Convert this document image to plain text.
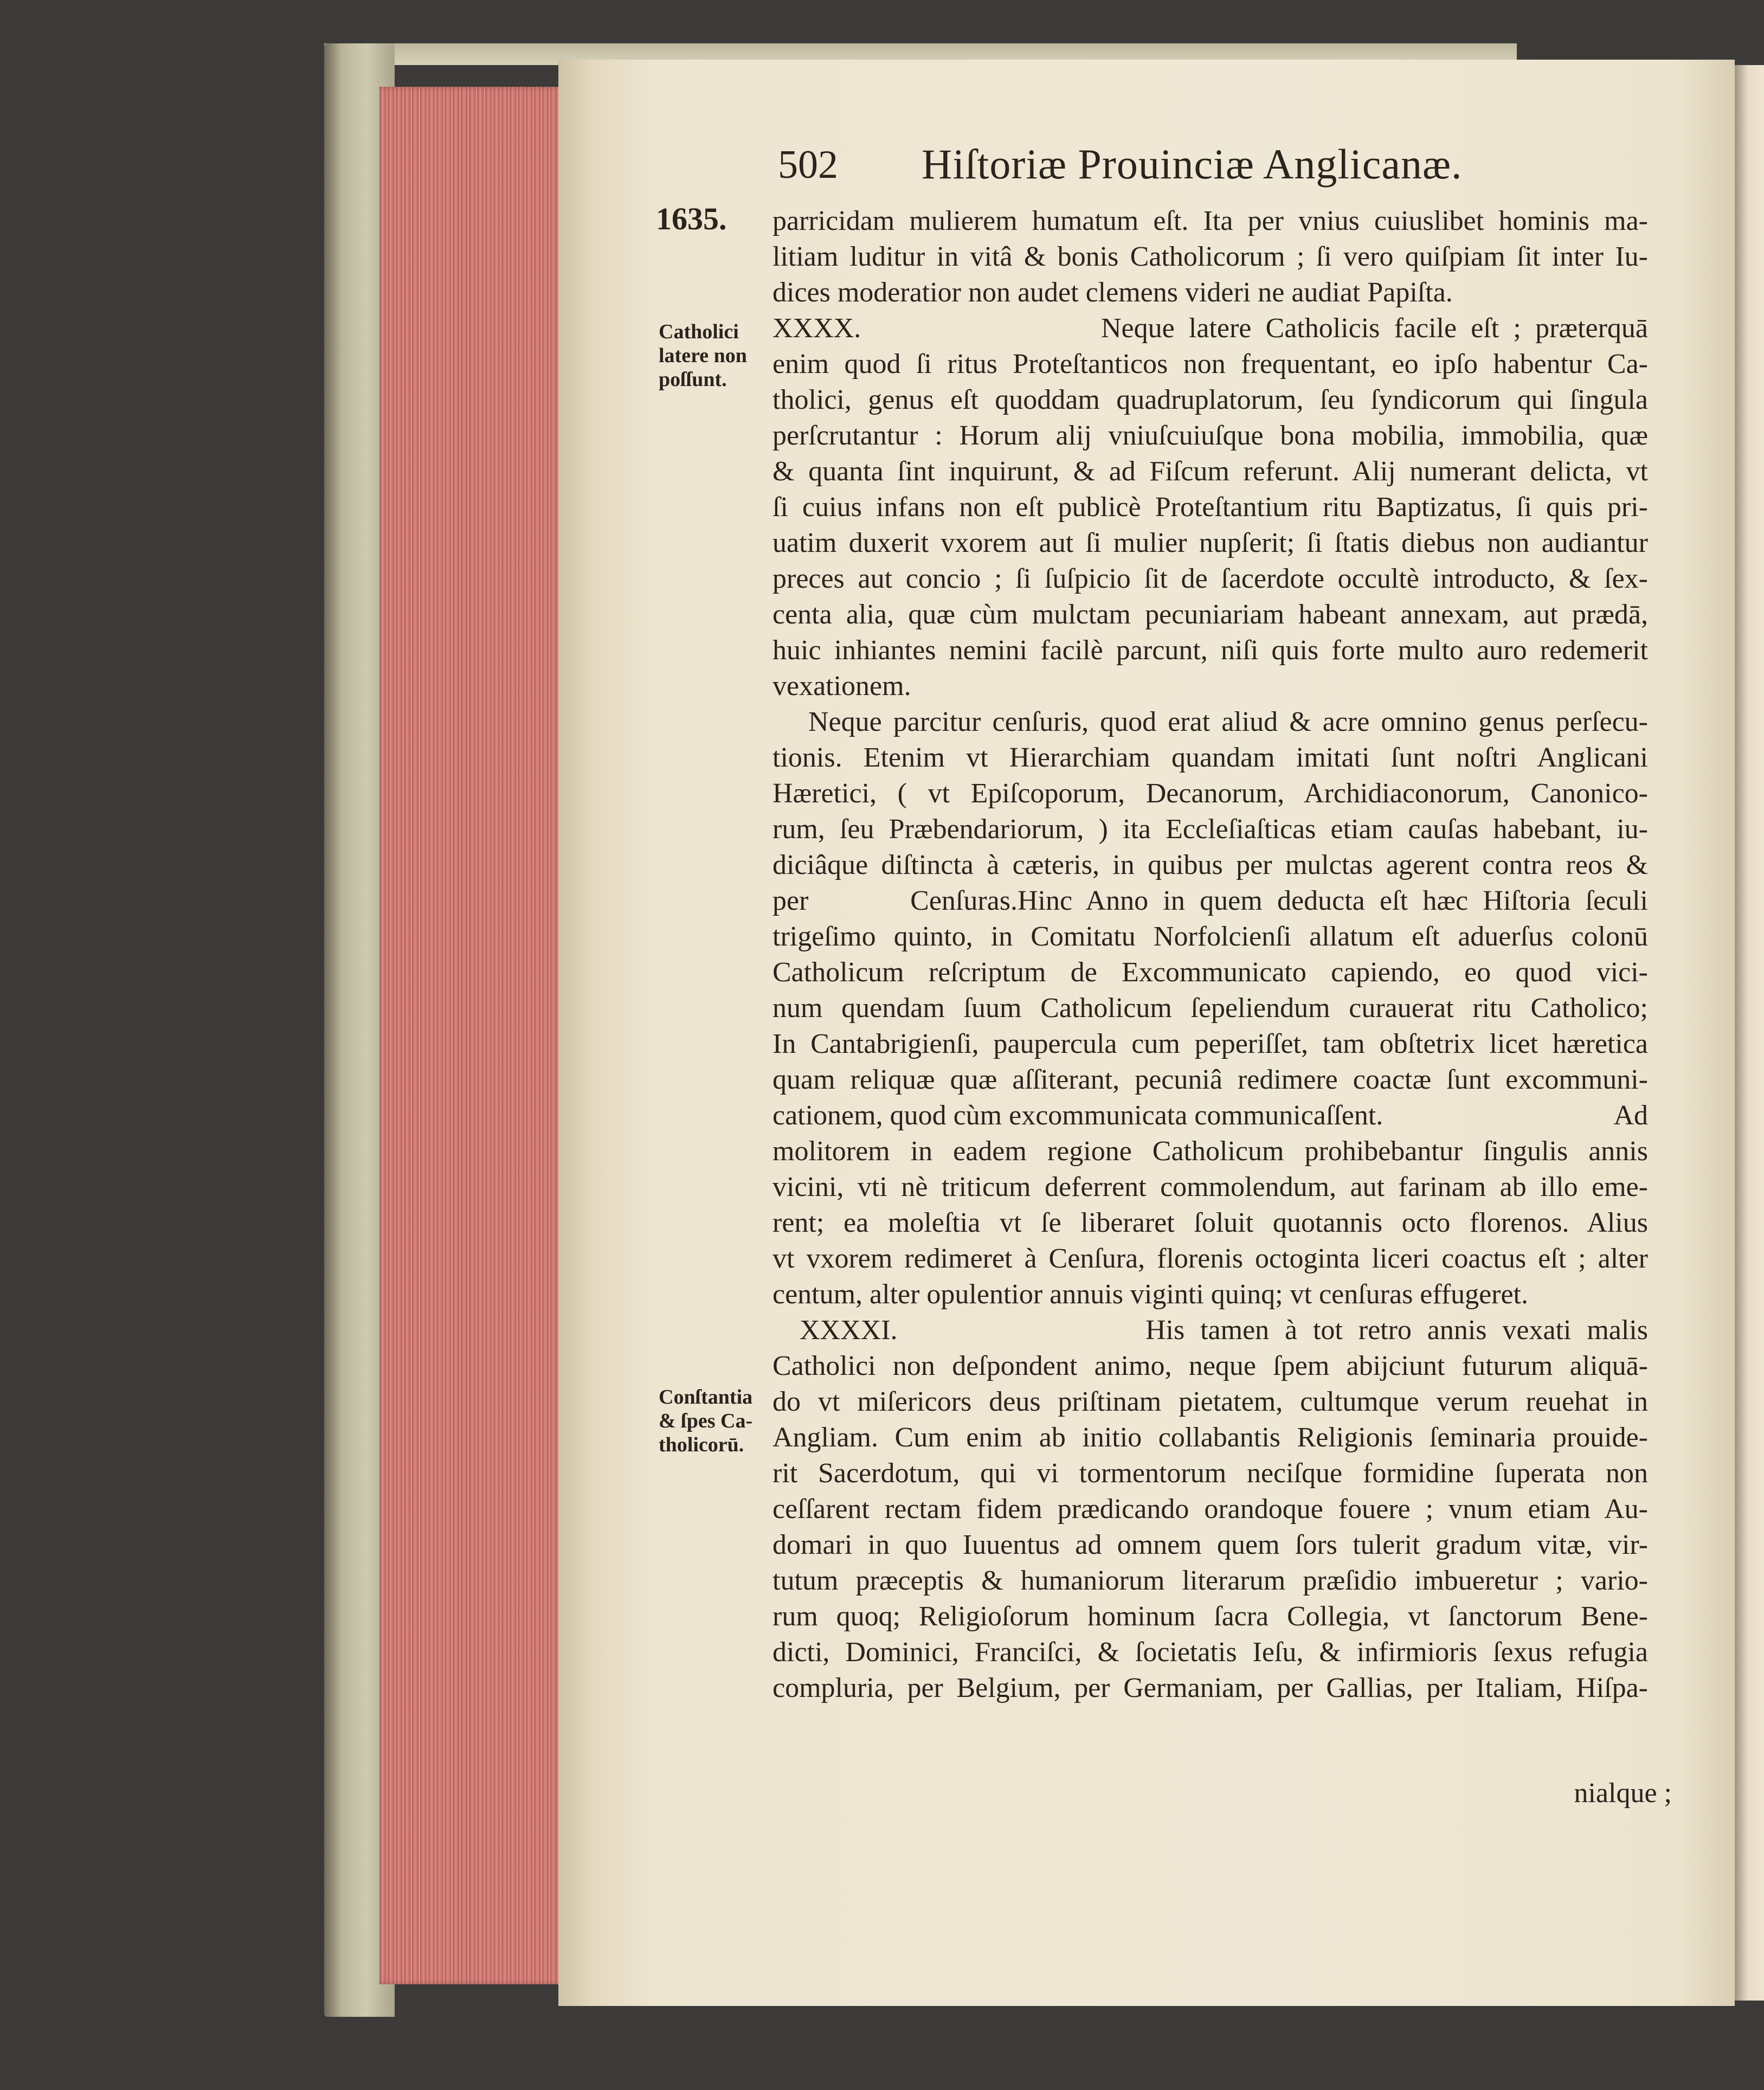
502 Hiſtoriæ Prouinciæ Anglicanæ.
1635.
Catholici
latere non
poſſunt.
Conſtantia
& ſpes Ca-
tholicorū.
parricidam mulierem humatum eſt. Ita per vnius cuiuslibet hominis ma-
litiam luditur in vitâ & bonis Catholicorum ; ſi vero quiſpiam ſit inter Iu-
dices moderatior non audet clemens videri ne audiat Papiſta.
XXXX.	Neque latere Catholicis facile eſt ; præterquā
enim quod ſi ritus Proteſtanticos non frequentant, eo ipſo habentur Ca-
tholici, genus eſt quoddam quadruplatorum, ſeu ſyndicorum qui ſingula
perſcrutantur : Horum alij vniuſcuiuſque bona mobilia, immobilia, quæ
& quanta ſint inquirunt, & ad Fiſcum referunt. Alij numerant delicta, vt
ſi cuius infans non eſt publicè Proteſtantium ritu Baptizatus, ſi quis pri-
uatim duxerit vxorem aut ſi mulier nupſerit; ſi ſtatis diebus non audiantur
preces aut concio ; ſi ſuſpicio ſit de ſacerdote occultè introducto, & ſex-
centa alia, quæ cùm mulctam pecuniariam habeant annexam, aut prædā,
huic inhiantes nemini facilè parcunt, niſi quis forte multo auro redemerit
vexationem.
Neque parcitur cenſuris, quod erat aliud & acre omnino genus perſecu-
tionis. Etenim vt Hierarchiam quandam imitati ſunt noſtri Anglicani
Hæretici, ( vt Epiſcoporum, Decanorum, Archidiaconorum, Canonico-
rum, ſeu Præbendariorum, ) ita Eccleſiaſticas etiam cauſas habebant, iu-
diciâque diſtincta à cæteris, in quibus per mulctas agerent contra reos &
per Cenſuras. Hinc Anno in quem deducta eſt hæc Hiſtoria ſeculi
trigeſimo quinto, in Comitatu Norfolcienſi allatum eſt aduerſus colonū
Catholicum reſcriptum de Excommunicato capiendo, eo quod vici-
num quendam ſuum Catholicum ſepeliendum curauerat ritu Catholico;
In Cantabrigienſi, paupercula cum peperiſſet, tam obſtetrix licet hæretica
quam reliquæ quæ aſſiterant, pecuniâ redimere coactæ ſunt excommuni-
cationem, quod cùm excommunicata communicaſſent.	Ad
molitorem in eadem regione Catholicum prohibebantur ſingulis annis
vicini, vti nè triticum deferrent commolendum, aut farinam ab illo eme-
rent; ea moleſtia vt ſe liberaret ſoluit quotannis octo florenos. Alius
vt vxorem redimeret à Cenſura, florenis octoginta liceri coactus eſt ; alter
centum, alter opulentior annuis viginti quinq; vt cenſuras effugeret.
XXXXI.	His tamen à tot retro annis vexati malis
Catholici non deſpondent animo, neque ſpem abijciunt futurum aliquā-
do vt miſericors deus priſtinam pietatem, cultumque verum reuehat in
Angliam. Cum enim ab initio collabantis Religionis ſeminaria prouide-
rit Sacerdotum, qui vi tormentorum neciſque formidine ſuperata non
ceſſarent rectam fidem prædicando orandoque fouere ; vnum etiam Au-
domari in quo Iuuentus ad omnem quem ſors tulerit gradum vitæ, vir-
tutum præceptis & humaniorum literarum præſidio imbueretur ; vario-
rum quoq; Religioſorum hominum ſacra Collegia, vt ſanctorum Bene-
dicti, Dominici, Franciſci, & ſocietatis Ieſu, & infirmioris ſexus refugia
compluria, per Belgium, per Germaniam, per Gallias, per Italiam, Hiſpa-
nialque ;
